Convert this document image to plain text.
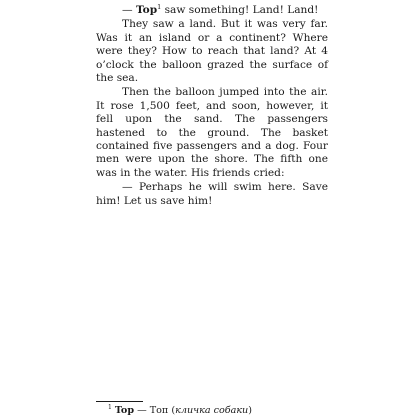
— Top$^1$ saw something! Land! Land!

They saw a land. But it was very far. Was it an island or a continent? Where were they? How to reach that land? At 4 o’clock the balloon grazed the surface of the sea.

Then the balloon jumped into the air. It rose 1,500 feet, and soon, however, it fell upon the sand. The passengers hastened to the ground. The basket contained five passengers and a dog. Four men were upon the shore. The fifth one was in the water. His friends cried:

— Perhaps he will swim here. Save him! Let us save him!

$^1$ Top — Топ (кличка собаки)
